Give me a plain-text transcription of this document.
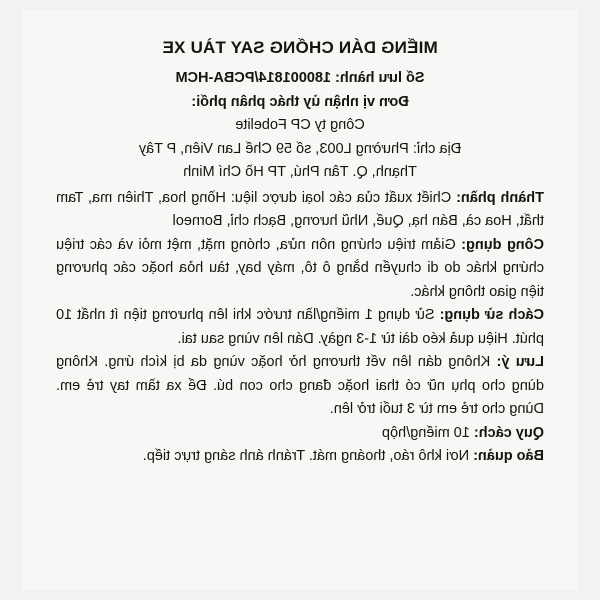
MIẾNG DÁN CHỐNG SAY TÀU XE
Số lưu hành: 180001814/PCBA-HCM
Đơn vị nhận ủy thác phân phối:
Công ty CP Fobelite
Địa chỉ: Phường L003, số 59 Chế Lan Viên, P Tây
Thạnh, Q. Tân Phú, TP Hồ Chí Minh

Thành phần: Chiết xuất của các loại dược liệu: Hồng hoa, Thiên ma, Tam thất, Hoa cà, Bán hạ, Quế, Nhũ hương, Bạch chỉ, Borneol

Công dụng: Giảm triệu chứng nôn nửa, chóng mặt, mệt mỏi và các triệu chứng khác do di chuyển bằng ô tô, máy bay, tàu hỏa hoặc các phương tiện giao thông khác.

Cách sử dụng: Sử dụng 1 miếng/lần trước khi lên phương tiện ít nhất 10 phút. Hiệu quả kéo dài từ 1-3 ngày. Dán lên vùng sau tai.

Lưu ý: Không dán lên vết thương hở hoặc vùng da bị kích ứng. Không dùng cho phụ nữ có thai hoặc đang cho con bú. Để xa tầm tay trẻ em. Dùng cho trẻ em từ 3 tuổi trở lên.

Quy cách: 10 miếng/hộp

Bảo quản: Nơi khô ráo, thoáng mát. Tránh ánh sáng trực tiếp.
